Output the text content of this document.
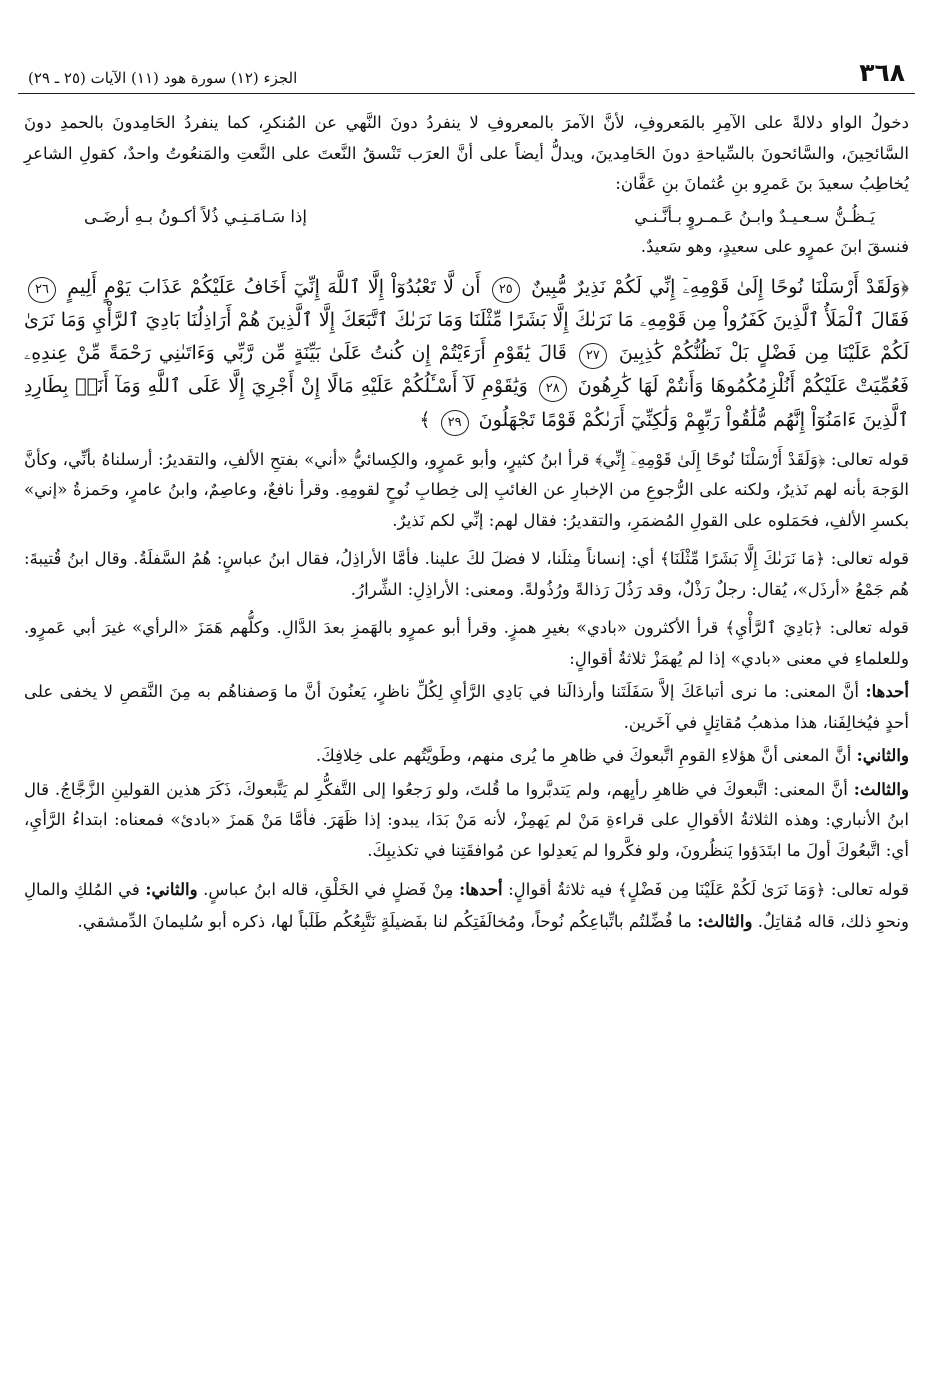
٣٦٨
الجزء (١٢) سورة هود (١١) الآيات (٢٥ ـ ٢٩)

دخولُ الواو دلالةً على الآمِرِ بالمَعروفِ، لأنَّ الآمرَ بالمعروفِ لا ينفردُ دونَ النَّهي عن المُنكرِ، كما ينفردُ الحَامِدونَ بالحمدِ دونَ السَّائحِينَ، والسَّائحونَ بالسِّياحةِ دونَ الحَامِدينَ، ويدلُّ أيضاً على أنَّ العرَب تَنْسقُ النَّعتَ على النَّعتِ والمَنعُوتُ واحدٌ، كقولِ الشاعرِ يُخاطِبُ سعيدَ بنَ عَمرِو بنِ عُثمانَ بنِ عَفَّان:

يَـظُـنُّ سـعـيـدٌ وابـنُ عَـمـروٍ بـأنَّـنـي
إذا سَـامَـنِـي ذُلاً أكـونُ بـهِ أرضَـى

فنسقَ ابنَ عمرٍو على سعيدٍ، وهو سَعيدٌ.

﴿وَلَقَدْ أَرْسَلْنَا نُوحًا إِلَىٰ قَوْمِهِۦٓ إِنِّي لَكُمْ نَذِيرٌ مُّبِينٌ ٢٥ أَن لَّا تَعْبُدُوٓاْ إِلَّا ٱللَّهَ إِنِّيٓ أَخَافُ عَلَيْكُمْ عَذَابَ يَوْمٍ أَلِيمٍ ٢٦ فَقَالَ ٱلْمَلَأُ ٱلَّذِينَ كَفَرُواْ مِن قَوْمِهِۦ مَا نَرَىٰكَ إِلَّا بَشَرًا مِّثْلَنَا وَمَا نَرَىٰكَ ٱتَّبَعَكَ إِلَّا ٱلَّذِينَ هُمْ أَرَاذِلُنَا بَادِيَ ٱلرَّأْيِ وَمَا نَرَىٰ لَكُمْ عَلَيْنَا مِن فَضْلٍ بَلْ نَظُنُّكُمْ كَٰذِبِينَ ٢٧ قَالَ يَٰقَوْمِ أَرَءَيْتُمْ إِن كُنتُ عَلَىٰ بَيِّنَةٍ مِّن رَّبِّي وَءَاتَىٰنِي رَحْمَةً مِّنْ عِندِهِۦ فَعُمِّيَتْ عَلَيْكُمْ أَنُلْزِمُكُمُوهَا وَأَنتُمْ لَهَا كَٰرِهُونَ ٢٨ وَيَٰقَوْمِ لَآ أَسْـَٔلُكُمْ عَلَيْهِ مَالًا إِنْ أَجْرِيَ إِلَّا عَلَى ٱللَّهِ وَمَآ أَنَا۠ بِطَارِدِ ٱلَّذِينَ ءَامَنُوٓاْ إِنَّهُم مُّلَٰقُواْ رَبِّهِمْ وَلَٰكِنِّيٓ أَرَىٰكُمْ قَوْمًا تَجْهَلُونَ ٢٩ ﴾

قوله تعالى: ﴿وَلَقَدْ أَرْسَلْنَا نُوحًا إِلَىٰ قَوْمِهِۦٓ إِنِّي﴾ قرأ ابنُ كثيرٍ، وأبو عَمرٍو، والكِسائيُّ «أني» بفتحِ الألفِ، والتقديرُ: أرسلناهُ بأنِّي، وكأنَّ الوَجهَ بأنه لهم نَذيرٌ، ولكنه على الرُّجوعِ من الإخبارِ عن الغائبِ إلى خِطابِ نُوحٍ لقومِهِ. وقرأ نافعٌ، وعاصِمٌ، وابنُ عامرٍ، وحَمزةُ «إني» بكسرِ الألفِ، فحَمَلوه على القولِ المُضمَرِ، والتقديرُ: فقال لهم: إنِّي لكم نَذيرٌ.

قوله تعالى: ﴿مَا نَرَىٰكَ إِلَّا بَشَرًا مِّثْلَنَا﴾ أي: إنساناً مِثلَنا، لا فضلَ لكَ علينا. فأمَّا الأراذِلُ، فقال ابنُ عباسٍ: هُمُ السَّفلَةُ. وقال ابنُ قُتيبةَ: هُم جَمْعُ «أرذَل»، يُقال: رجلٌ رَذْلٌ، وقد رَذُلَ رَذالةً ورُذُولةً. ومعنى: الأراذِلِ: الشِّرارُ.

قوله تعالى: ﴿بَادِيَ ٱلرَّأْيِ﴾ قرأ الأكثرون «بادي» بغيرِ همزٍ. وقرأ أبو عمرٍو بالهَمزِ بعدَ الدَّالِ. وكلُّهم هَمَزَ «الرأي» غيرَ أبي عَمرٍو. وللعلماءِ في معنى «بادي» إذا لم يُهمَزْ ثلاثةُ أقوالٍ:

أحدها: أنَّ المعنى: ما نرى أتباعَكَ إلاَّ سَفَلَتَنا وأرذالَنا في بَادِي الرَّأيِ لِكُلِّ ناظرٍ، يَعنُونَ أنَّ ما وَصفناهُم به مِنَ النَّقصِ لا يخفى على أحدٍ فيُخالِفَنا، هذا مذهبُ مُقاتِلٍ في آخَرين.

والثاني: أنَّ المعنى أنَّ هؤلاءِ القومِ اتَّبعوكَ في ظاهرِ ما يُرى منهم، وطَويَّتُهم على خِلافِكَ.

والثالث: أنَّ المعنى: اتَّبعوكَ في ظاهرِ رأيِهم، ولم يَتدبَّروا ما قُلتَ، ولو رَجعُوا إلى التَّفكُّرِ لم يَتَّبعوكَ، ذَكَرَ هذين القولينِ الزَّجَّاجُ. قال ابنُ الأنباري: وهذه الثلاثةُ الأقوالِ على قراءةِ مَنْ لم يَهمِزْ، لأنه مَنْ بَدَا، يبدو: إذا ظَهَرَ. فأمَّا مَنْ هَمزَ «بادئ» فمعناه: ابتداءُ الرَّأيِ، أي: اتَّبعُوكَ أولَ ما ابتَدَؤوا يَنظُرونَ، ولو فكَّروا لم يَعدِلوا عن مُوافقَتِنا في تكذيبِكَ.

قوله تعالى: ﴿وَمَا نَرَىٰ لَكُمْ عَلَيْنَا مِن فَضْلٍ﴾ فيه ثلاثةُ أقوالٍ: أحدها: مِنْ فَضلٍ في الخَلْقِ، قاله ابنُ عباسٍ. والثاني: في المُلكِ والمالِ ونحوِ ذلك، قاله مُقاتِلٌ. والثالث: ما فُضِّلتُم باتِّباعِكُم نُوحاً، ومُخالَفَتِكُم لنا بفَضيلَةٍ نَتَّبِعُكُم طَلَباً لها، ذكره أبو سُليمانَ الدِّمشقي.
